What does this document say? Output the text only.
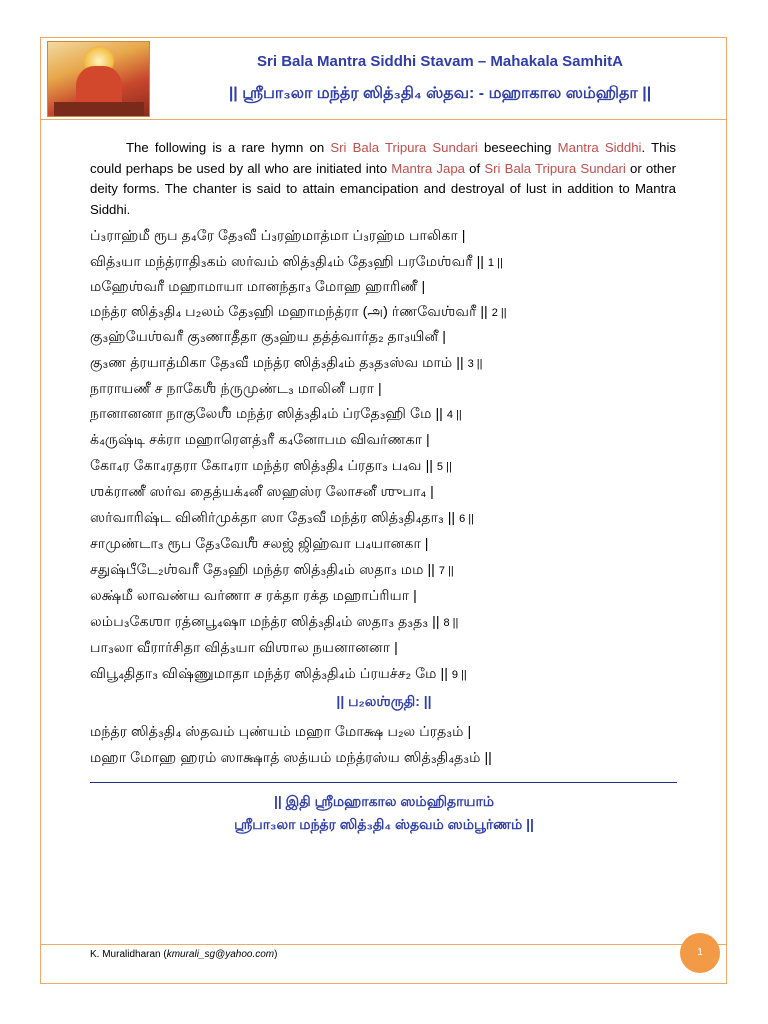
Sri Bala Mantra Siddhi Stavam – Mahakala SamhitA
|| ஸ்ரீபா₃லா மந்த்ர ஸித்₃தி₄ ஸ்தவ: - மஹாகால ஸம்ஹிதா ||
The following is a rare hymn on Sri Bala Tripura Sundari beseeching Mantra Siddhi. This could perhaps be used by all who are initiated into Mantra Japa of Sri Bala Tripura Sundari or other deity forms. The chanter is said to attain emancipation and destroyal of lust in addition to Mantra Siddhi.
ப்₃ராஹ்மீ ரூப த₄ரே தே₃வீ ப்₃ரஹ்மாத்மா ப்₃ரஹ்ம பாலிகா |
வித்₃யா மந்த்ராதி₃கம் ஸர்வம் ஸித்₃தி₄ம் தே₃ஹி பரமேஶ்வரீ || 1 ||
மஹேஶ்வரீ மஹாமாயா மானந்தா₃ மோஹ ஹாரிணீ |
மந்த்ர ஸித்₃தி₄ ப₂லம் தே₃ஹி மஹாமந்த்ரா (அ) ர்ணவேஶ்வரீ || 2 ||
கு₃ஹ்யேஶ்வரீ கு₃ணாதீதா கு₃ஹ்ய தத்த்வார்த₂ தா₃யினீ |
கு₃ண த்ரயாத்மிகா தே₃வீ மந்த்ர ஸித்₃தி₄ம் த₃த₃ஸ்வ மாம் || 3 ||
நாராயணீ ச நாகேஶீ ந்ருமுண்ட₃ மாலினீ பரா |
நானானனா நாகுலேஶீ மந்த்ர ஸித்₃தி₄ம் ப்ரதே₃ஹி மே || 4 ||
க்₄ருஷ்டி சக்ரா மஹாரௌத்₃ரீ க₄னோபம விவர்ணகா |
கோ₄ர கோ₄ரதரா கோ₄ரா மந்த்ர ஸித்₃தி₄ ப்ரதா₃ ப₄வ || 5 ||
ஶக்ராணீ ஸர்வ தைத்யக்₄னீ ஸஹஸ்ர லோசனீ ஶுபா₄ |
ஸர்வாரிஷ்ட வினிர்முக்தா ஸா தே₃வீ மந்த்ர ஸித்₃தி₄தா₃ || 6 ||
சாமுண்டா₃ ரூப தே₃வேஶீ சலஜ் ஜிஹ்வா ப₄யானகா |
சதுஷ்பீடே₂ஶ்வரீ தே₃ஹி மந்த்ர ஸித்₃தி₄ம் ஸதா₃ மம || 7 ||
லக்ஷ்மீ லாவண்ய வர்ணா ச ரக்தா ரக்த மஹாப்ரியா |
லம்ப₃கேஶா ரத்னபூ₄ஷா மந்த்ர ஸித்₃தி₄ம் ஸதா₃ த₃த₃ || 8 ||
பா₃லா வீரார்சிதா வித்₃யா விஶால நயனானனா |
விபூ₄திதா₃ விஷ்ணுமாதா மந்த்ர ஸித்₃தி₄ம் ப்ரயச்ச₂ மே || 9 ||
|| ப₂லஶ்ருதி: ||
மந்த்ர ஸித்₃தி₄ ஸ்தவம் புண்யம் மஹா மோக்ஷ ப₂ல ப்ரத₃ம் |
மஹா மோஹ ஹரம் ஸாக்ஷாத் ஸத்யம் மந்த்ரஸ்ய ஸித்₃தி₄த₃ம் ||
|| இதி ஸ்ரீமஹாகால ஸம்ஹிதாயாம்
ஸ்ரீபா₃லா மந்த்ர ஸித்₃தி₄ ஸ்தவம் ஸம்பூர்ணம் ||
K. Muralidharan (kmurali_sg@yahoo.com)	1
